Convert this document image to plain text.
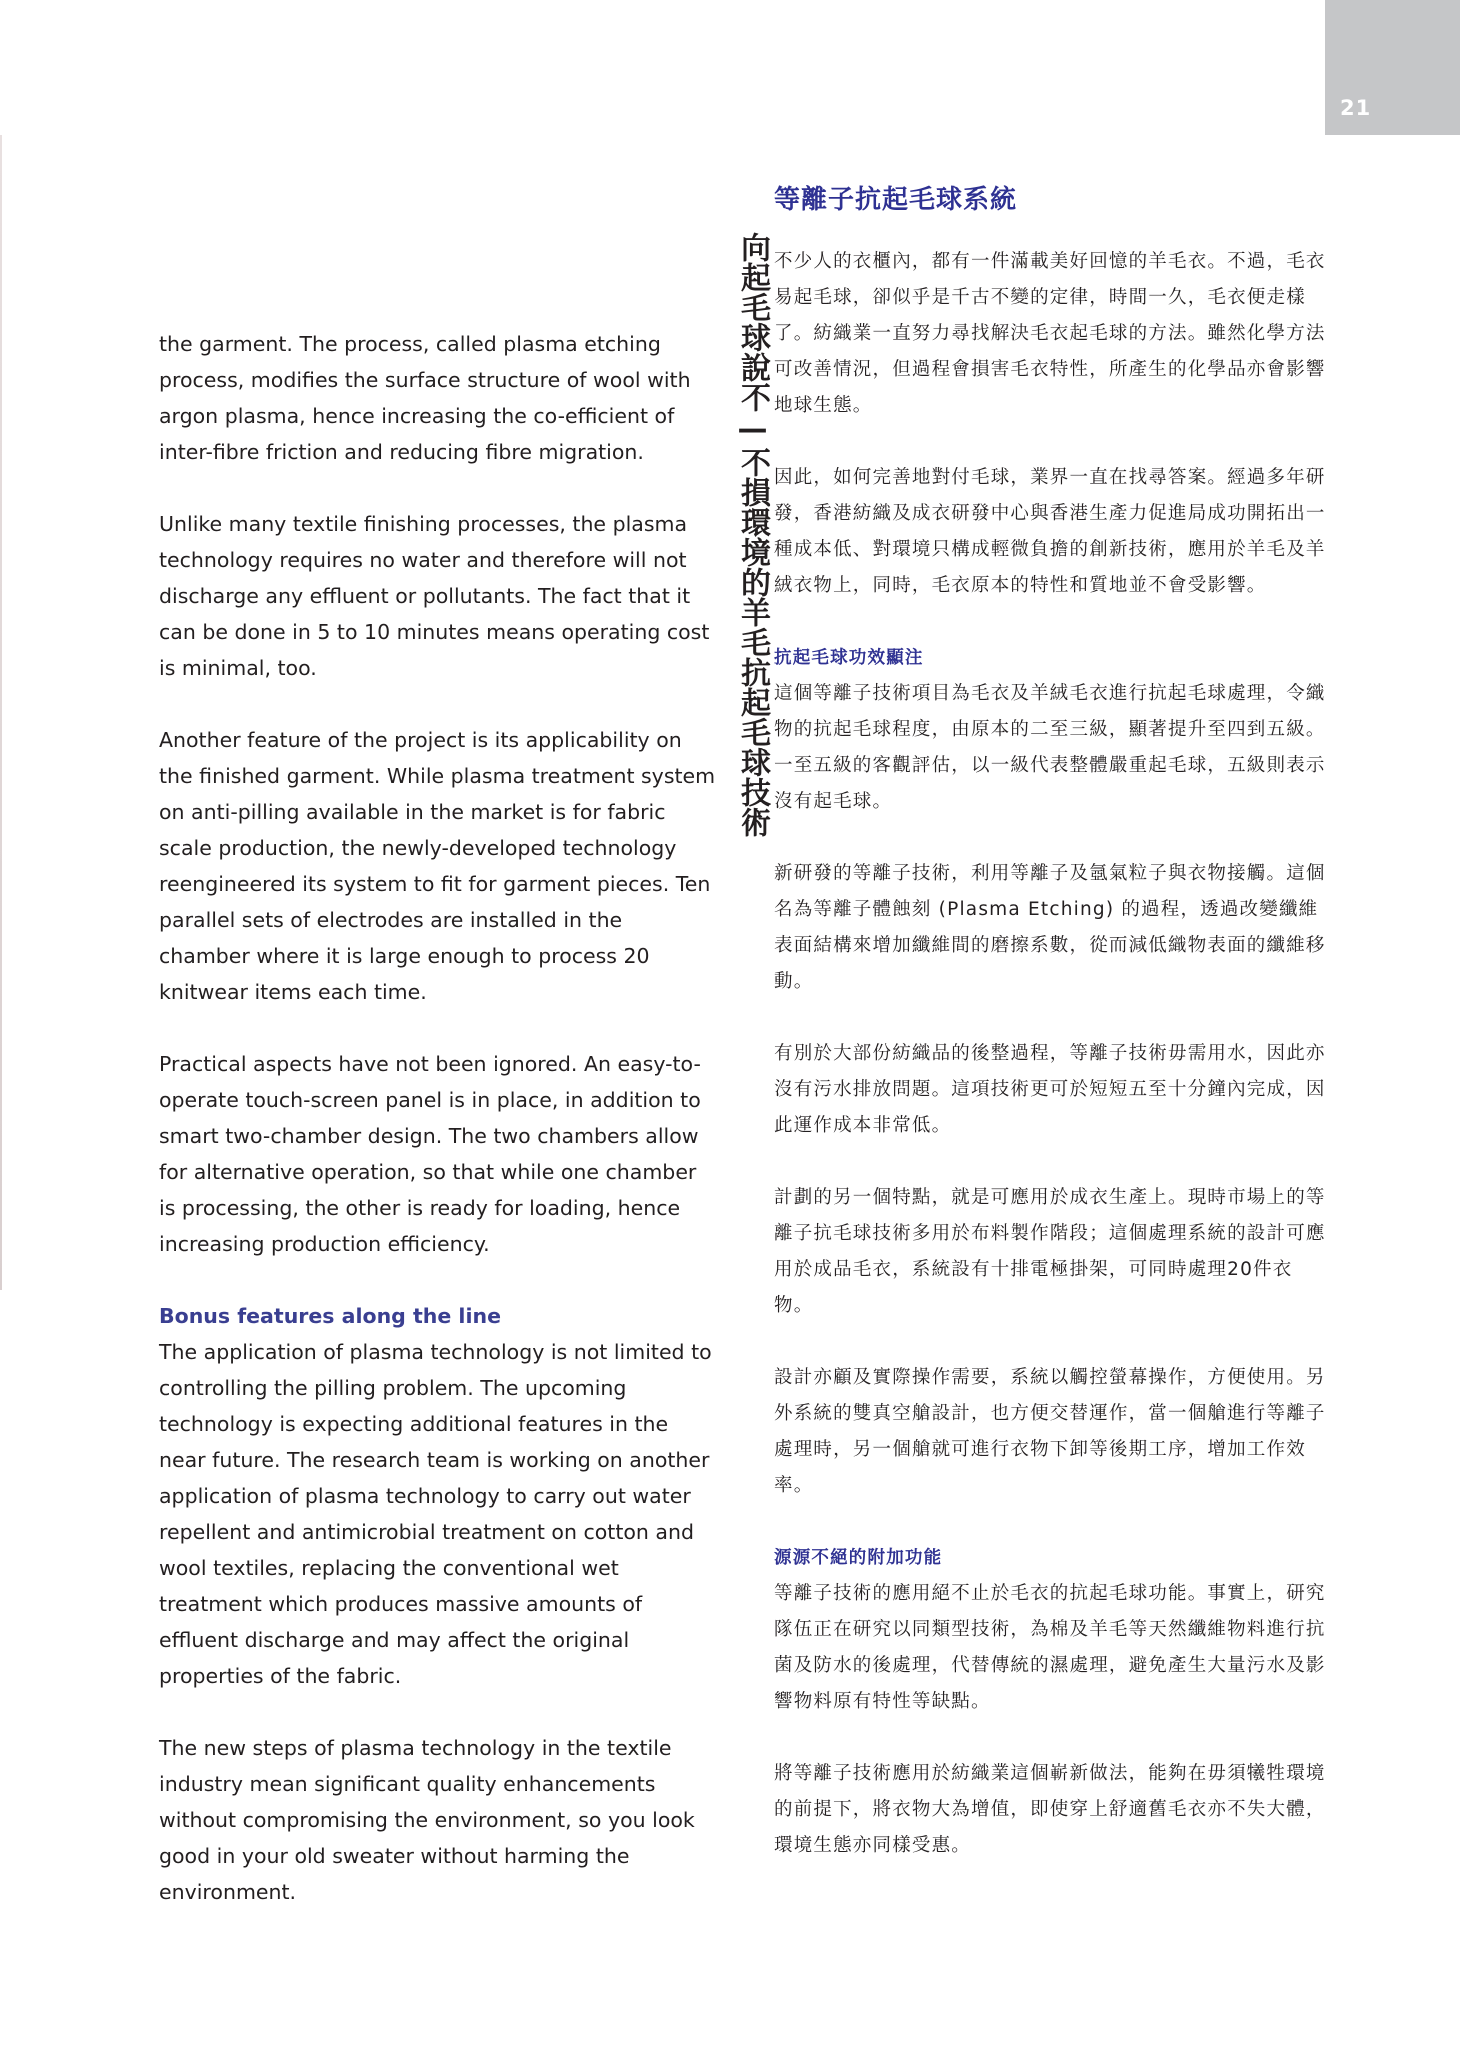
21

the garment. The process, called plasma etching process, modifies the surface structure of wool with argon plasma, hence increasing the co-efficient of inter-fibre friction and reducing fibre migration.

Unlike many textile finishing processes, the plasma technology requires no water and therefore will not discharge any effluent or pollutants. The fact that it can be done in 5 to 10 minutes means operating cost is minimal, too.

Another feature of the project is its applicability on the finished garment. While plasma treatment system on anti-pilling available in the market is for fabric scale production, the newly-developed technology reengineered its system to fit for garment pieces. Ten parallel sets of electrodes are installed in the chamber where it is large enough to process 20 knitwear items each time.

Practical aspects have not been ignored. An easy-to-operate touch-screen panel is in place, in addition to smart two-chamber design. The two chambers allow for alternative operation, so that while one chamber is processing, the other is ready for loading, hence increasing production efficiency.

Bonus features along the line

The application of plasma technology is not limited to controlling the pilling problem. The upcoming technology is expecting additional features in the near future. The research team is working on another application of plasma technology to carry out water repellent and antimicrobial treatment on cotton and wool textiles, replacing the conventional wet treatment which produces massive amounts of effluent discharge and may affect the original properties of the fabric.

The new steps of plasma technology in the textile industry mean significant quality enhancements without compromising the environment, so you look good in your old sweater without harming the environment.

向起毛球說不—不損環境的羊毛抗起毛球技術
等離子抗起毛球系統

不少人的衣櫃內，都有一件滿載美好回憶的羊毛衣。不過，毛衣易起毛球，卻似乎是千古不變的定律，時間一久，毛衣便走樣了。紡織業一直努力尋找解決毛衣起毛球的方法。雖然化學方法可改善情況，但過程會損害毛衣特性，所產生的化學品亦會影響地球生態。

因此，如何完善地對付毛球，業界一直在找尋答案。經過多年研發，香港紡織及成衣研發中心與香港生產力促進局成功開拓出一種成本低、對環境只構成輕微負擔的創新技術，應用於羊毛及羊絨衣物上，同時，毛衣原本的特性和質地並不會受影響。

抗起毛球功效顯注

這個等離子技術項目為毛衣及羊絨毛衣進行抗起毛球處理，令織物的抗起毛球程度，由原本的二至三級，顯著提升至四到五級。一至五級的客觀評估，以一級代表整體嚴重起毛球，五級則表示沒有起毛球。

新研發的等離子技術，利用等離子及氬氣粒子與衣物接觸。這個名為等離子體蝕刻 (Plasma Etching) 的過程，透過改變纖維表面結構來增加纖維間的磨擦系數，從而減低織物表面的纖維移動。

有別於大部份紡織品的後整過程，等離子技術毋需用水，因此亦沒有污水排放問題。這項技術更可於短短五至十分鐘內完成，因此運作成本非常低。

計劃的另一個特點，就是可應用於成衣生產上。現時市場上的等離子抗毛球技術多用於布料製作階段；這個處理系統的設計可應用於成品毛衣，系統設有十排電極掛架，可同時處理20件衣物。

設計亦顧及實際操作需要，系統以觸控螢幕操作，方便使用。另外系統的雙真空艙設計，也方便交替運作，當一個艙進行等離子處理時，另一個艙就可進行衣物下卸等後期工序，增加工作效率。

源源不絕的附加功能

等離子技術的應用絕不止於毛衣的抗起毛球功能。事實上，研究隊伍正在研究以同類型技術，為棉及羊毛等天然纖維物料進行抗菌及防水的後處理，代替傳統的濕處理，避免產生大量污水及影響物料原有特性等缺點。

將等離子技術應用於紡織業這個嶄新做法，能夠在毋須犧牲環境的前提下，將衣物大為增值，即使穿上舒適舊毛衣亦不失大體，環境生態亦同樣受惠。
